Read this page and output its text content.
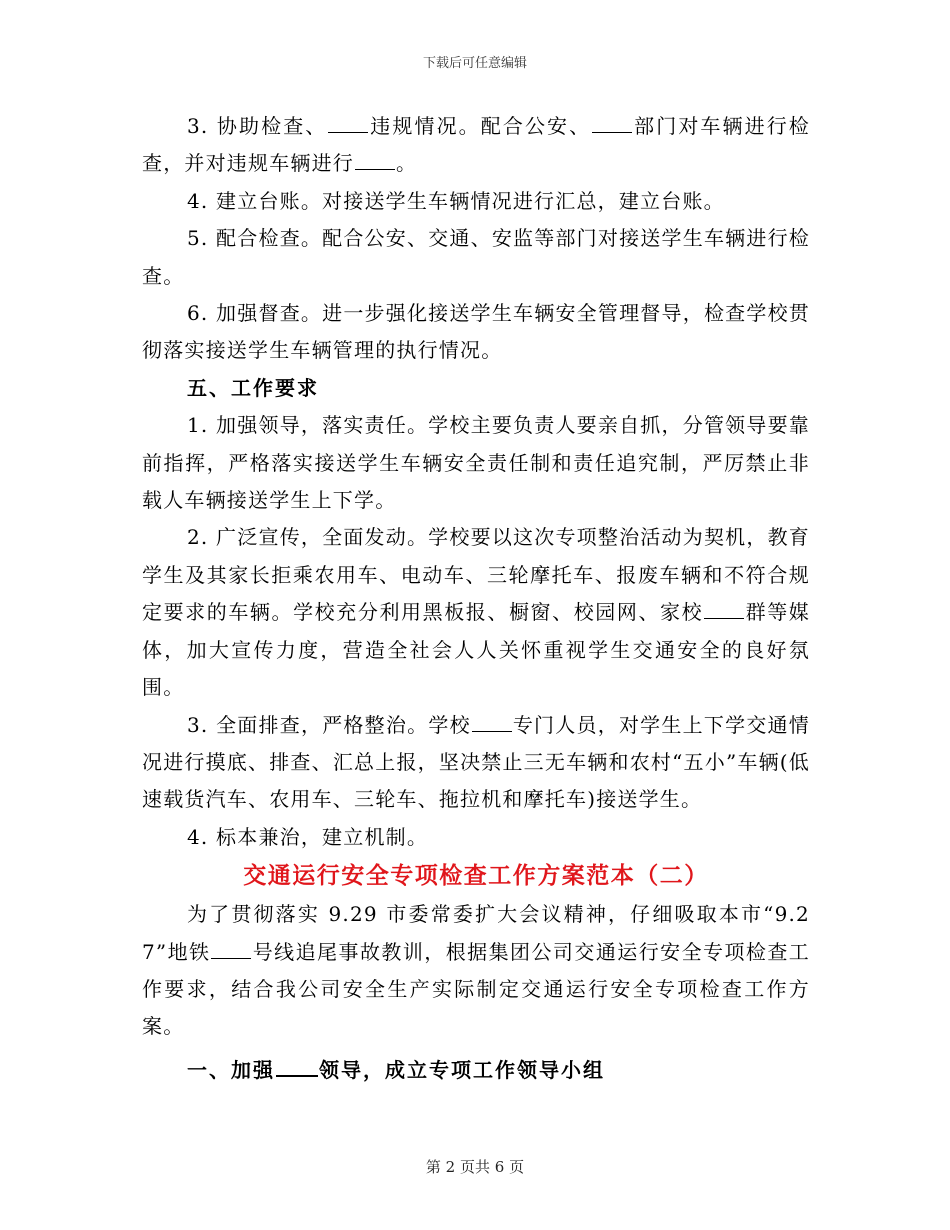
下载后可任意编辑

3. 协助检查、 违规情况。配合公安、 部门对车辆进行检查，并对违规车辆进行 。

4. 建立台账。对接送学生车辆情况进行汇总，建立台账。

5. 配合检查。配合公安、交通、安监等部门对接送学生车辆进行检查。

6. 加强督查。进一步强化接送学生车辆安全管理督导，检查学校贯彻落实接送学生车辆管理的执行情况。

五、工作要求

1. 加强领导，落实责任。学校主要负责人要亲自抓，分管领导要靠前指挥，严格落实接送学生车辆安全责任制和责任追究制，严厉禁止非载人车辆接送学生上下学。

2. 广泛宣传，全面发动。学校要以这次专项整治活动为契机，教育学生及其家长拒乘农用车、电动车、三轮摩托车、报废车辆和不符合规定要求的车辆。学校充分利用黑板报、橱窗、校园网、家校 群等媒体，加大宣传力度，营造全社会人人关怀重视学生交通安全的良好氛围。

3. 全面排查，严格整治。学校 专门人员，对学生上下学交通情况进行摸底、排查、汇总上报，坚决禁止三无车辆和农村“五小”车辆(低速载货汽车、农用车、三轮车、拖拉机和摩托车)接送学生。

4. 标本兼治，建立机制。

交通运行安全专项检查工作方案范本（二）

为了贯彻落实 9.29 市委常委扩大会议精神，仔细吸取本市“9.27”地铁 号线追尾事故教训，根据集团公司交通运行安全专项检查工作要求，结合我公司安全生产实际制定交通运行安全专项检查工作方案。

一、加强 领导，成立专项工作领导小组

第 2 页共 6 页
